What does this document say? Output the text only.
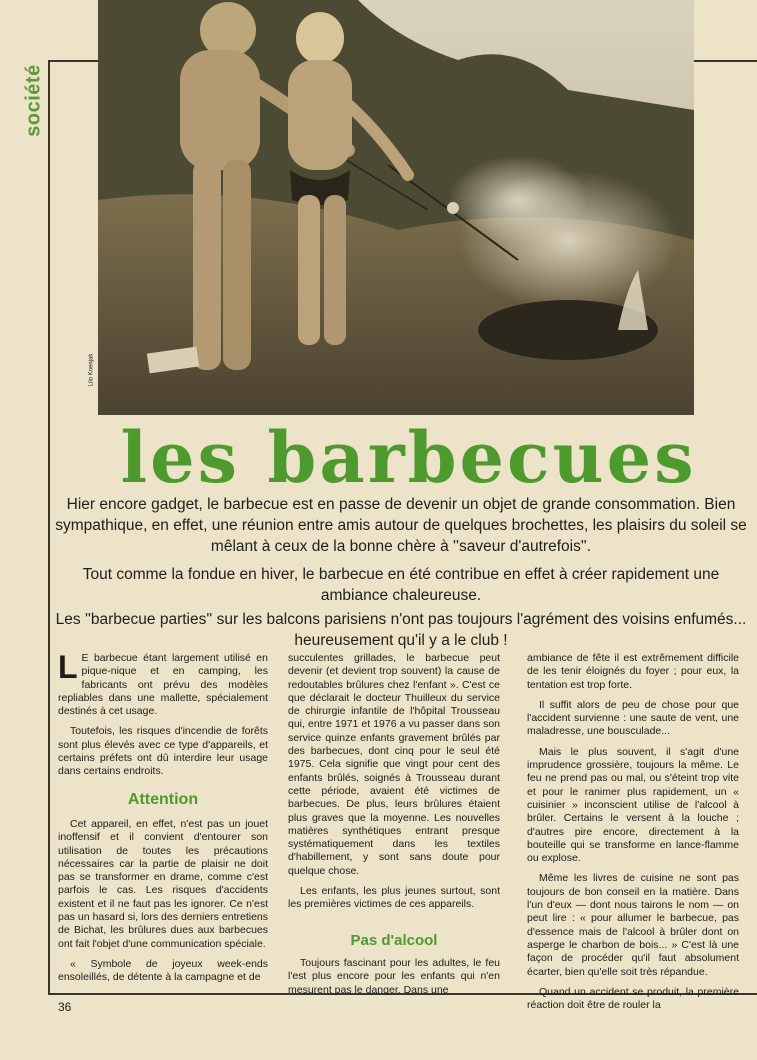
société
Lilo Koenjak
les barbecues

Hier encore gadget, le barbecue est en passe de devenir un objet de grande consommation. Bien sympathique, en effet, une réunion entre amis autour de quelques brochettes, les plaisirs du soleil se mêlant à ceux de la bonne chère à ''saveur d'autrefois''.

Tout comme la fondue en hiver, le barbecue en été contribue en effet à créer rapidement une ambiance chaleureuse.

Les ''barbecue parties'' sur les balcons parisiens n'ont pas toujours l'agrément des voisins enfumés... heureusement qu'il y a le club !

L E barbecue étant largement utilisé en pique-nique et en camping, les fabricants ont prévu des modèles repliables dans une mallette, spécialement destinés à cet usage.

Toutefois, les risques d'incendie de forêts sont plus élevés avec ce type d'appareils, et certains préfets ont dû interdire leur usage dans certains endroits.

Attention

Cet appareil, en effet, n'est pas un jouet inoffensif et il convient d'entourer son utilisation de toutes les précautions nécessaires car la partie de plaisir ne doit pas se transformer en drame, comme c'est parfois le cas. Les risques d'accidents existent et il ne faut pas les ignorer. Ce n'est pas un hasard si, lors des derniers entretiens de Bichat, les brûlures dues aux barbecues ont fait l'objet d'une communication spéciale.

« Symbole de joyeux week-ends ensoleillés, de détente à la campagne et de

succulentes grillades, le barbecue peut devenir (et devient trop souvent) la cause de redoutables brûlures chez l'enfant ». C'est ce que déclarait le docteur Thuilleux du service de chirurgie infantile de l'hôpital Trousseau qui, entre 1971 et 1976 a vu passer dans son service quinze enfants gravement brûlés par des barbecues, dont cinq pour le seul été 1975. Cela signifie que vingt pour cent des enfants brûlés, soignés à Trousseau durant cette période, avaient été victimes de barbecues. De plus, leurs brûlures étaient plus graves que la moyenne. Les nouvelles matières synthétiques entrant presque systématiquement dans les textiles d'habillement, y sont sans doute pour quelque chose.

Les enfants, les plus jeunes surtout, sont les premières victimes de ces appareils.

Pas d'alcool

Toujours fascinant pour les adultes, le feu l'est plus encore pour les enfants qui n'en mesurent pas le danger. Dans une

ambiance de fête il est extrêmement difficile de les tenir éloignés du foyer ; pour eux, la tentation est trop forte.

Il suffit alors de peu de chose pour que l'accident survienne : une saute de vent, une maladresse, une bousculade...

Mais le plus souvent, il s'agit d'une imprudence grossière, toujours la même. Le feu ne prend pas ou mal, ou s'éteint trop vite et pour le ranimer plus rapidement, un « cuisinier » inconscient utilise de l'alcool à brûler. Certains le versent à la louche ; d'autres pire encore, directement à la bouteille qui se transforme en lance-flamme ou explose.

Même les livres de cuisine ne sont pas toujours de bon conseil en la matière. Dans l'un d'eux — dont nous tairons le nom — on peut lire : « pour allumer le barbecue, pas d'essence mais de l'alcool à brûler dont on asperge le charbon de bois... » C'est là une façon de procéder qu'il faut absolument écarter, bien qu'elle soit très répandue.

Quand un accident se produit, la première réaction doit être de rouler la

36
